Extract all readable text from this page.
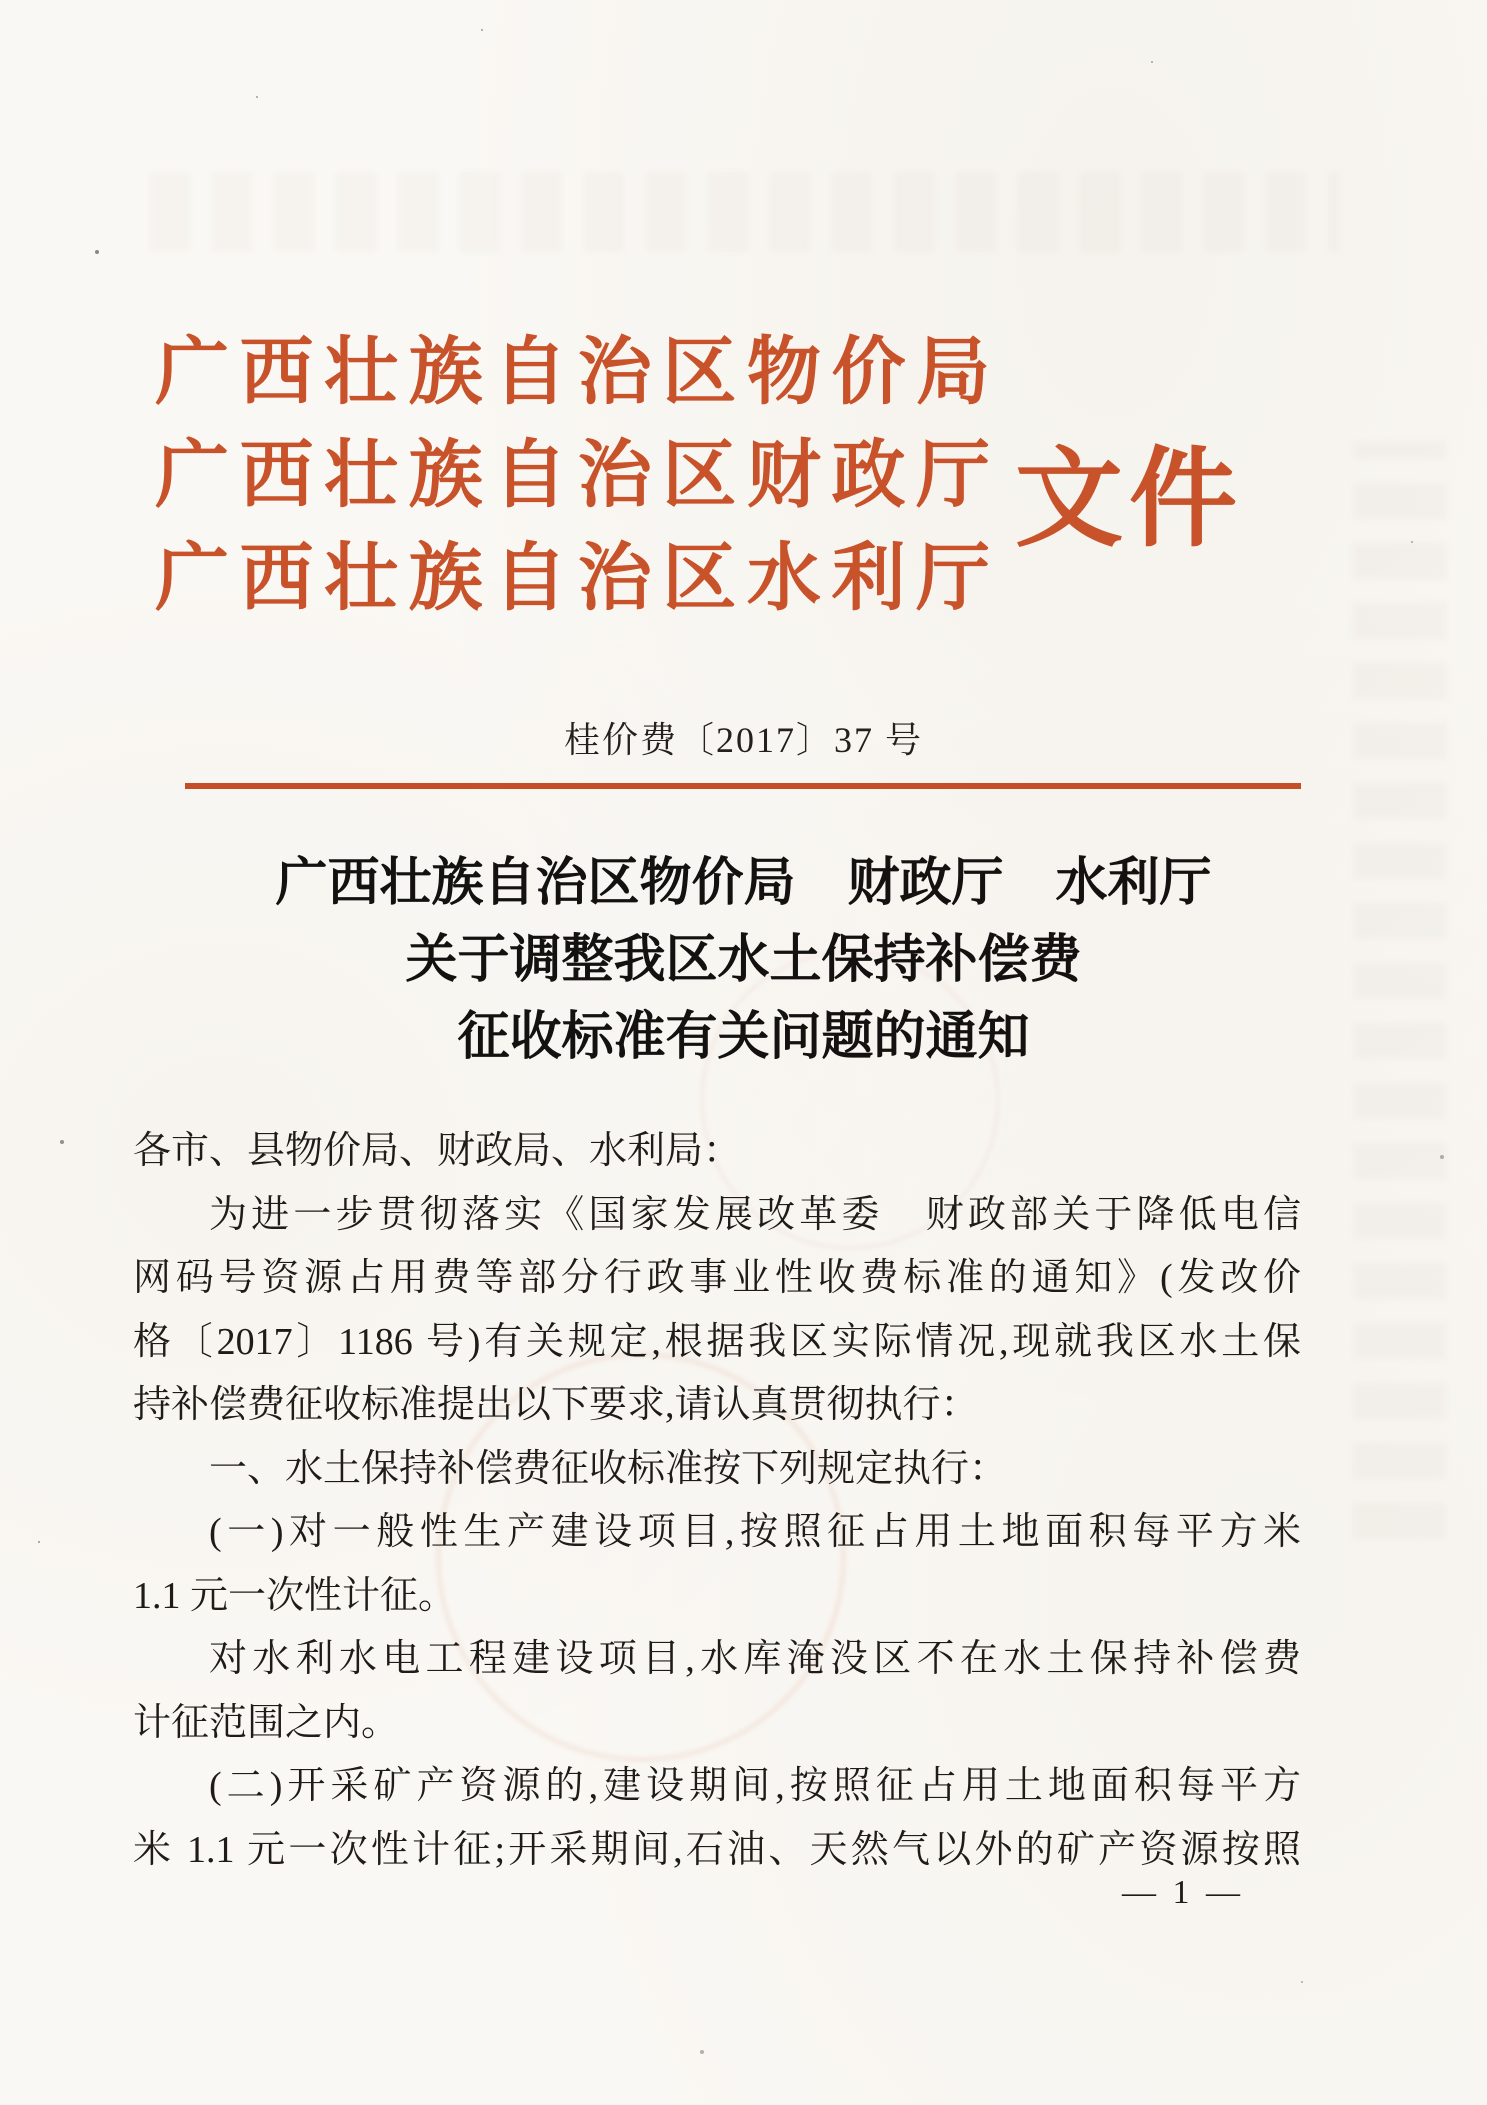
广西壮族自治区物价局
广西壮族自治区财政厅
广西壮族自治区水利厅
文件
桂价费〔2017〕37 号
广西壮族自治区物价局　财政厅　水利厅
关于调整我区水土保持补偿费
征收标准有关问题的通知
各市、县物价局、财政局、水利局：
为进一步贯彻落实《国家发展改革委　财政部关于降低电信
网码号资源占用费等部分行政事业性收费标准的通知》(发改价
格〔2017〕1186 号)有关规定,根据我区实际情况,现就我区水土保
持补偿费征收标准提出以下要求,请认真贯彻执行：
一、水土保持补偿费征收标准按下列规定执行：
(一)对一般性生产建设项目,按照征占用土地面积每平方米
1.1 元一次性计征。
对水利水电工程建设项目,水库淹没区不在水土保持补偿费
计征范围之内。
(二)开采矿产资源的,建设期间,按照征占用土地面积每平方
米 1.1 元一次性计征;开采期间,石油、天然气以外的矿产资源按照
— 1 —
